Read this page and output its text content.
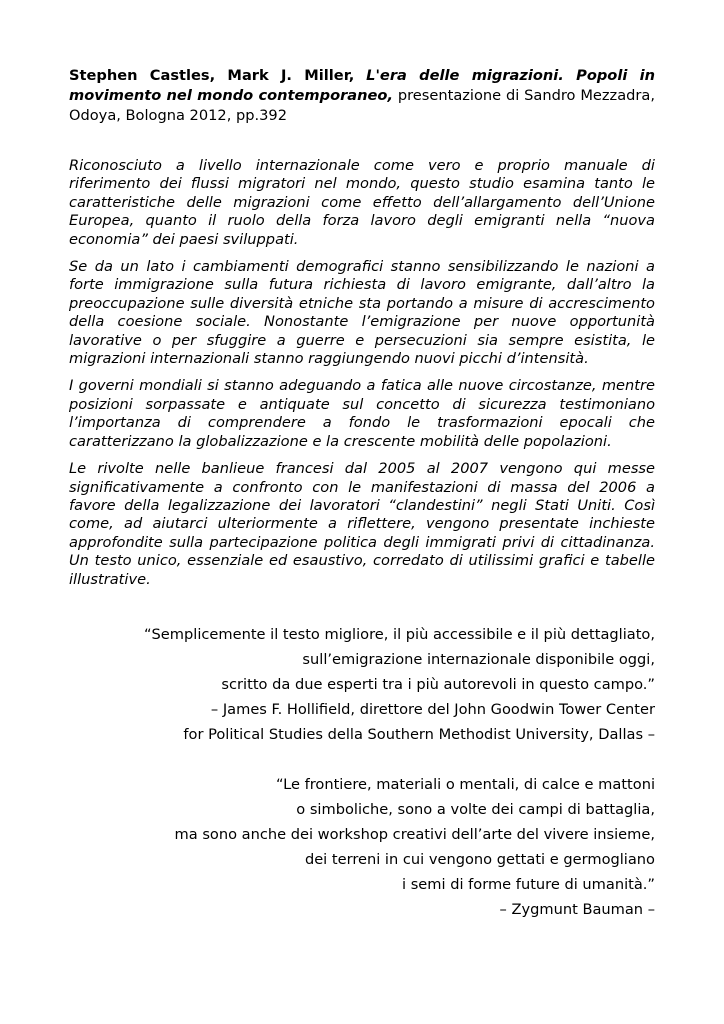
Stephen Castles, Mark J. Miller, L'era delle migrazioni. Popoli in movimento nel mondo contemporaneo, presentazione di Sandro Mezzadra, Odoya, Bologna 2012, pp.392

Riconosciuto a livello internazionale come vero e proprio manuale di riferimento dei flussi migratori nel mondo, questo studio esamina tanto le caratteristiche delle migrazioni come effetto dell’allargamento dell’Unione Europea, quanto il ruolo della forza lavoro degli emigranti nella “nuova economia” dei paesi sviluppati.

Se da un lato i cambiamenti demografici stanno sensibilizzando le nazioni a forte immigrazione sulla futura richiesta di lavoro emigrante, dall’altro la preoccupazione sulle diversità etniche sta portando a misure di accrescimento della coesione sociale. Nonostante l’emigrazione per nuove opportunità lavorative o per sfuggire a guerre e persecuzioni sia sempre esistita, le migrazioni internazionali stanno raggiungendo nuovi picchi d’intensità.

I governi mondiali si stanno adeguando a fatica alle nuove circostanze, mentre posizioni sorpassate e antiquate sul concetto di sicurezza testimoniano l’importanza di comprendere a fondo le trasformazioni epocali che caratterizzano la globalizzazione e la crescente mobilità delle popolazioni.

Le rivolte nelle banlieue francesi dal 2005 al 2007 vengono qui messe significativamente a confronto con le manifestazioni di massa del 2006 a favore della legalizzazione dei lavoratori “clandestini” negli Stati Uniti. Così come, ad aiutarci ulteriormente a riflettere, vengono presentate inchieste approfondite sulla partecipazione politica degli immigrati privi di cittadinanza. Un testo unico, essenziale ed esaustivo, corredato di utilissimi grafici e tabelle illustrative.

“Semplicemente il testo migliore, il più accessibile e il più dettagliato,
sull’emigrazione internazionale disponibile oggi,
scritto da due esperti tra i più autorevoli in questo campo.”
– James F. Hollifield, direttore del John Goodwin Tower Center
for Political Studies della Southern Methodist University, Dallas –
“Le frontiere, materiali o mentali, di calce e mattoni
o simboliche, sono a volte dei campi di battaglia,
ma sono anche dei workshop creativi dell’arte del vivere insieme,
dei terreni in cui vengono gettati e germogliano
i semi di forme future di umanità.”
– Zygmunt Bauman –
